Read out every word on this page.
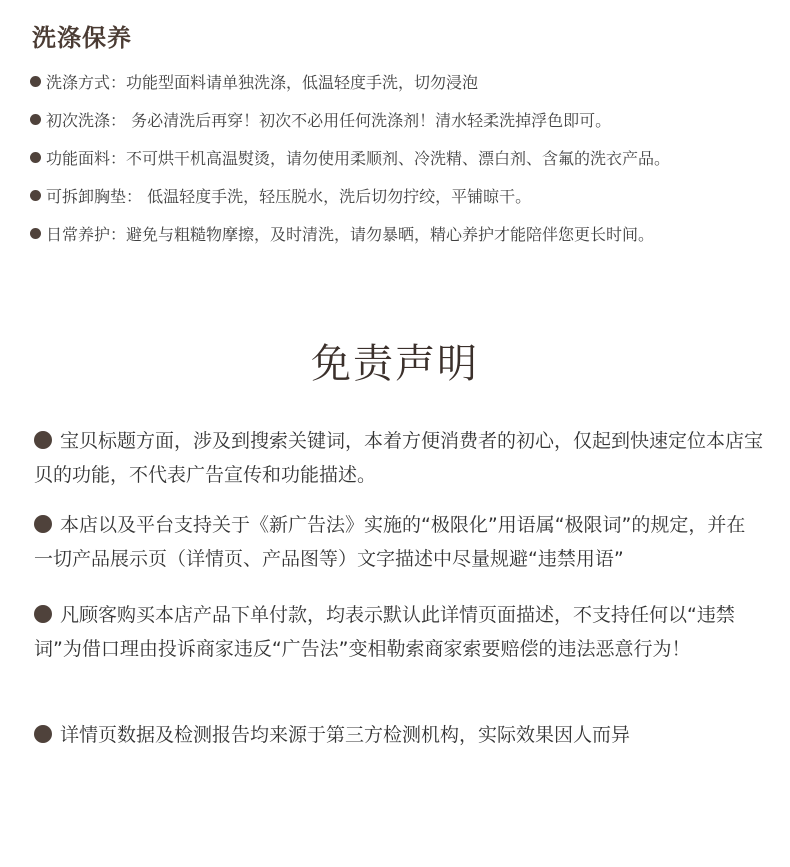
洗涤保养
洗涤方式：功能型面料请单独洗涤，低温轻度手洗，切勿浸泡
初次洗涤： 务必清洗后再穿！初次不必用任何洗涤剂！清水轻柔洗掉浮色即可。
功能面料：不可烘干机高温熨烫，请勿使用柔顺剂、冷洗精、漂白剂、含氟的洗衣产品。
可拆卸胸垫： 低温轻度手洗，轻压脱水，洗后切勿拧绞，平铺晾干。
日常养护：避免与粗糙物摩擦，及时清洗，请勿暴晒，精心养护才能陪伴您更长时间。
免责声明
宝贝标题方面，涉及到搜索关键词，本着方便消费者的初心，仅起到快速定位本店宝贝的功能，不代表广告宣传和功能描述。
本店以及平台支持关于《新广告法》实施的“极限化”用语属“极限词”的规定，并在一切产品展示页（详情页、产品图等）文字描述中尽量规避“违禁用语”
凡顾客购买本店产品下单付款，均表示默认此详情页面描述，不支持任何以“违禁词”为借口理由投诉商家违反“广告法”变相勒索商家索要赔偿的违法恶意行为！
详情页数据及检测报告均来源于第三方检测机构，实际效果因人而异
